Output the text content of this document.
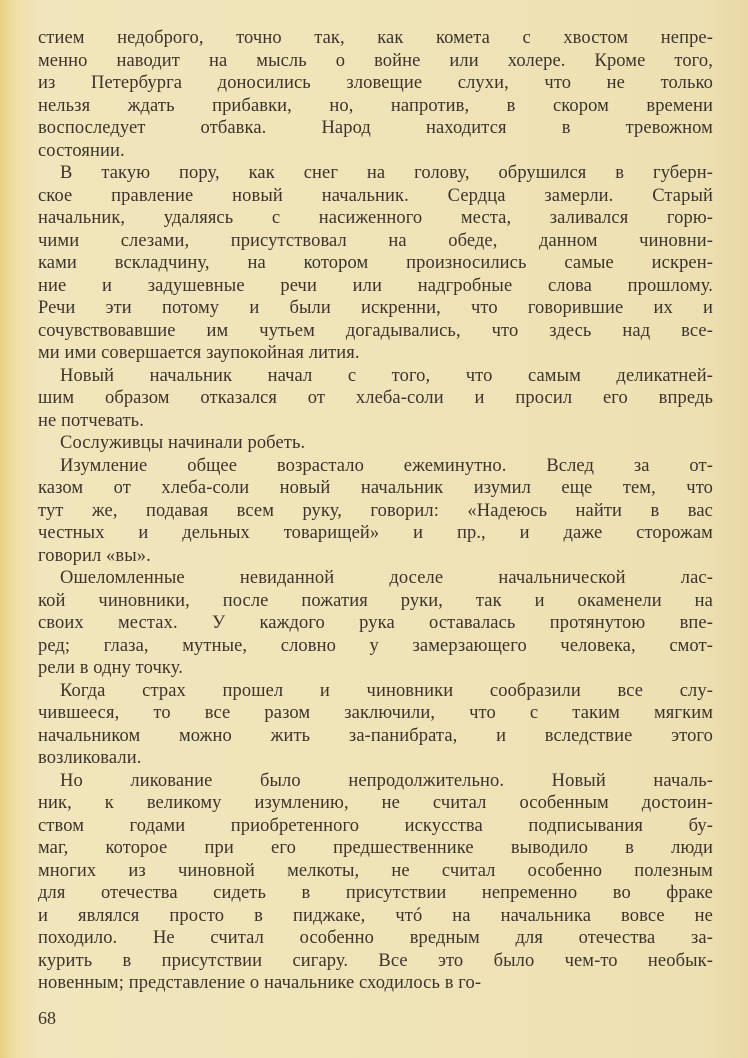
стием недоброго, точно так, как комета с хвостом непре-
менно наводит на мысль о войне или холере. Кроме того,
из Петербурга доносились зловещие слухи, что не только
нельзя ждать прибавки, но, напротив, в скором времени
воспоследует отбавка. Народ находится в тревожном
состоянии.
В такую пору, как снег на голову, обрушился в губерн-
ское правление новый начальник. Сердца замерли. Старый
начальник, удаляясь с насиженного места, заливался горю-
чими слезами, присутствовал на обеде, данном чиновни-
ками вскладчину, на котором произносились самые искрен-
ние и задушевные речи или надгробные слова прошлому.
Речи эти потому и были искренни, что говорившие их и
сочувствовавшие им чутьем догадывались, что здесь над все-
ми ими совершается заупокойная лития.
Новый начальник начал с того, что самым деликатней-
шим образом отказался от хлеба-соли и просил его впредь
не потчевать.
Сослуживцы начинали робеть.
Изумление общее возрастало ежеминутно. Вслед за от-
казом от хлеба-соли новый начальник изумил еще тем, что
тут же, подавая всем руку, говорил: «Надеюсь найти в вас
честных и дельных товарищей» и пр., и даже сторожам
говорил «вы».
Ошеломленные невиданной доселе начальнической лас-
кой чиновники, после пожатия руки, так и окаменели на
своих местах. У каждого рука оставалась протянутою впе-
ред; глаза, мутные, словно у замерзающего человека, смот-
рели в одну точку.
Когда страх прошел и чиновники сообразили все слу-
чившееся, то все разом заключили, что с таким мягким
начальником можно жить за-панибрата, и вследствие этого
возликовали.
Но ликование было непродолжительно. Новый началь-
ник, к великому изумлению, не считал особенным достоин-
ством годами приобретенного искусства подписывания бу-
маг, которое при его предшественнике выводило в люди
многих из чиновной мелкоты, не считал особенно полезным
для отечества сидеть в присутствии непременно во фраке
и являлся просто в пиджаке, чтó на начальника вовсе не
походило. Не считал особенно вредным для отечества за-
курить в присутствии сигару. Все это было чем-то необык-
новенным; представление о начальнике сходилось в го-
68
